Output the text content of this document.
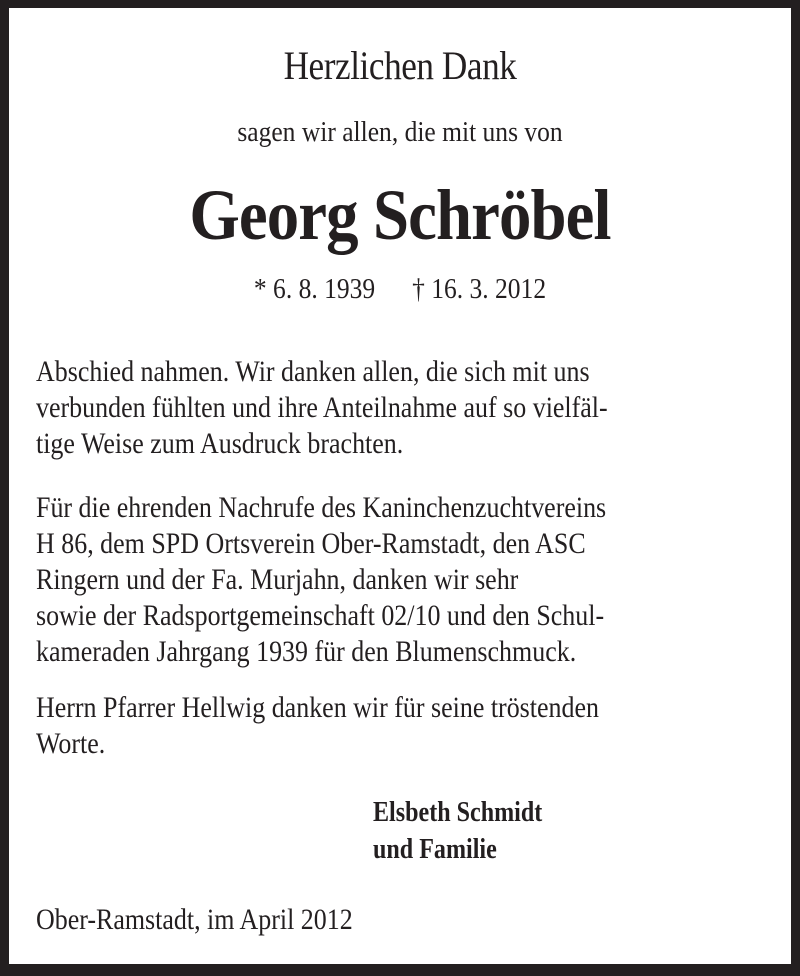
Herzlichen Dank
sagen wir allen, die mit uns von
Georg Schröbel
* 6. 8. 1939 † 16. 3. 2012
Abschied nahmen. Wir danken allen, die sich mit uns
verbunden fühlten und ihre Anteilnahme auf so vielfäl-
tige Weise zum Ausdruck brachten.
Für die ehrenden Nachrufe des Kaninchenzuchtvereins
H 86, dem SPD Ortsverein Ober-Ramstadt, den ASC
Ringern und der Fa. Murjahn, danken wir sehr
sowie der Radsportgemeinschaft 02/10 und den Schul-
kameraden Jahrgang 1939 für den Blumenschmuck.
Herrn Pfarrer Hellwig danken wir für seine tröstenden
Worte.
Elsbeth Schmidt
und Familie
Ober-Ramstadt, im April 2012
